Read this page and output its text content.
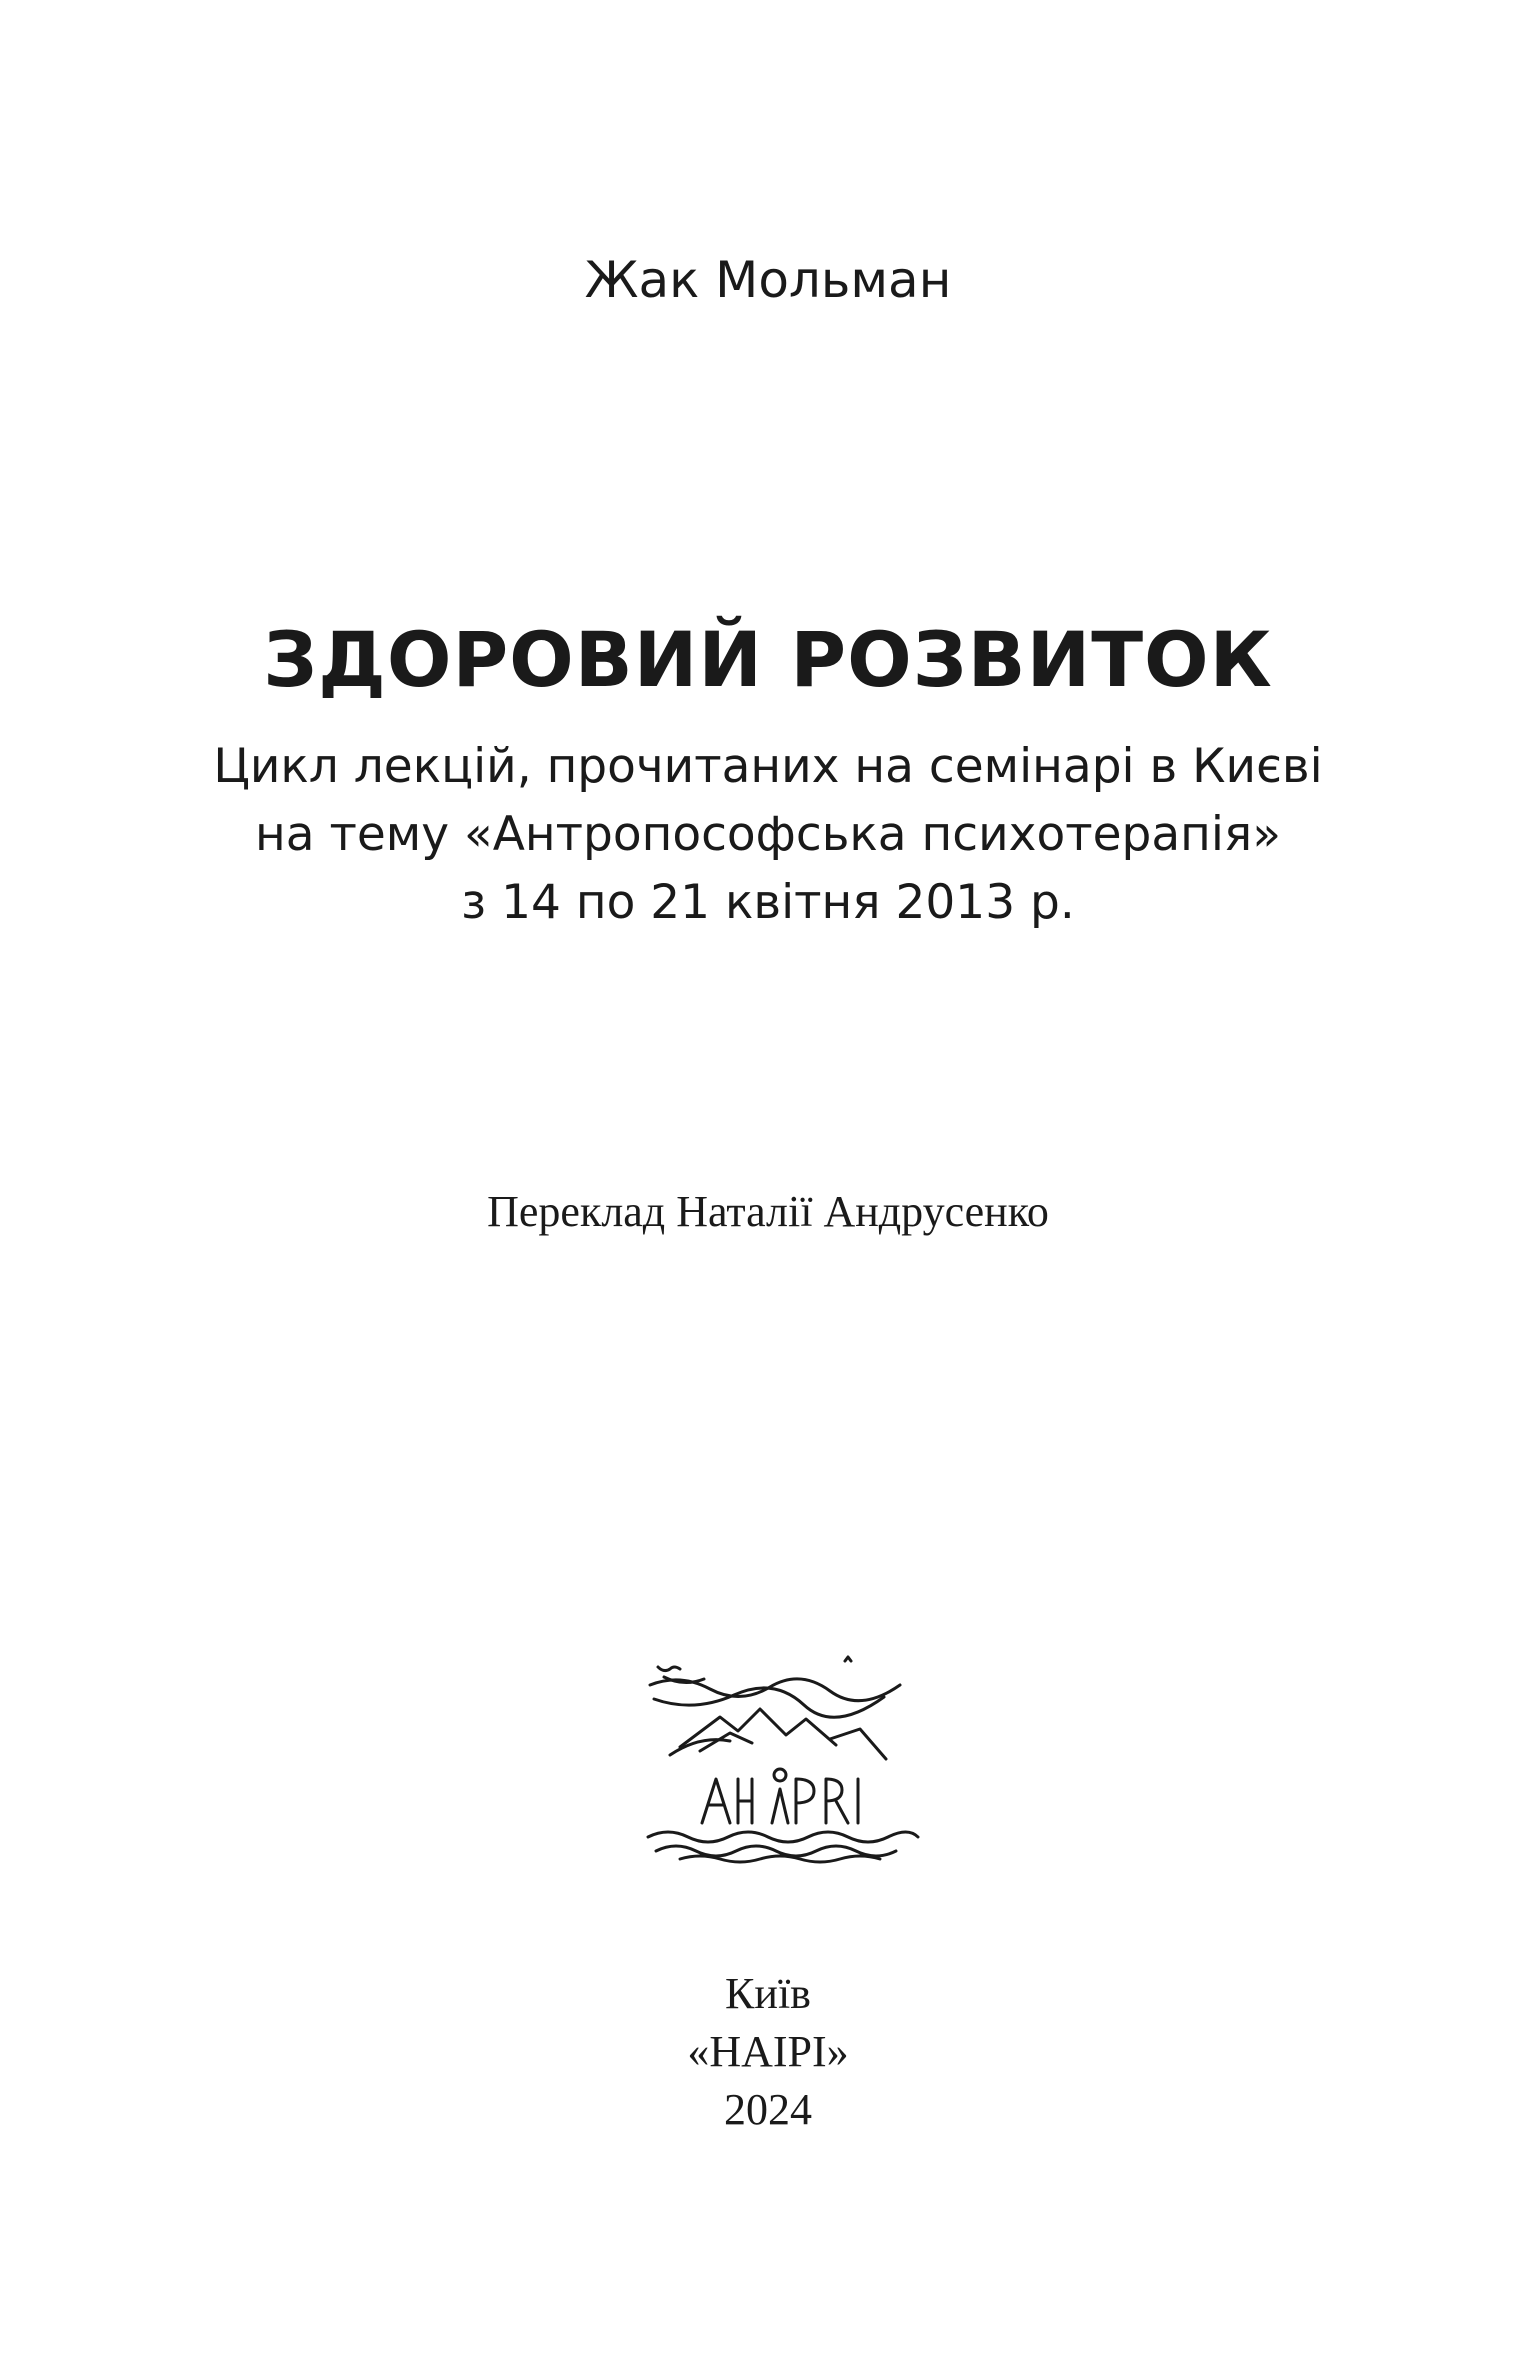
Жак Мольман
ЗДОРОВИЙ РОЗВИТОК
Цикл лекцій, прочитаних на семінарі в Києві
на тему «Антропософська психотерапія»
з 14 по 21 квітня 2013 р.
Переклад Наталії Андрусенко
Київ
«НАІРІ»
2024
